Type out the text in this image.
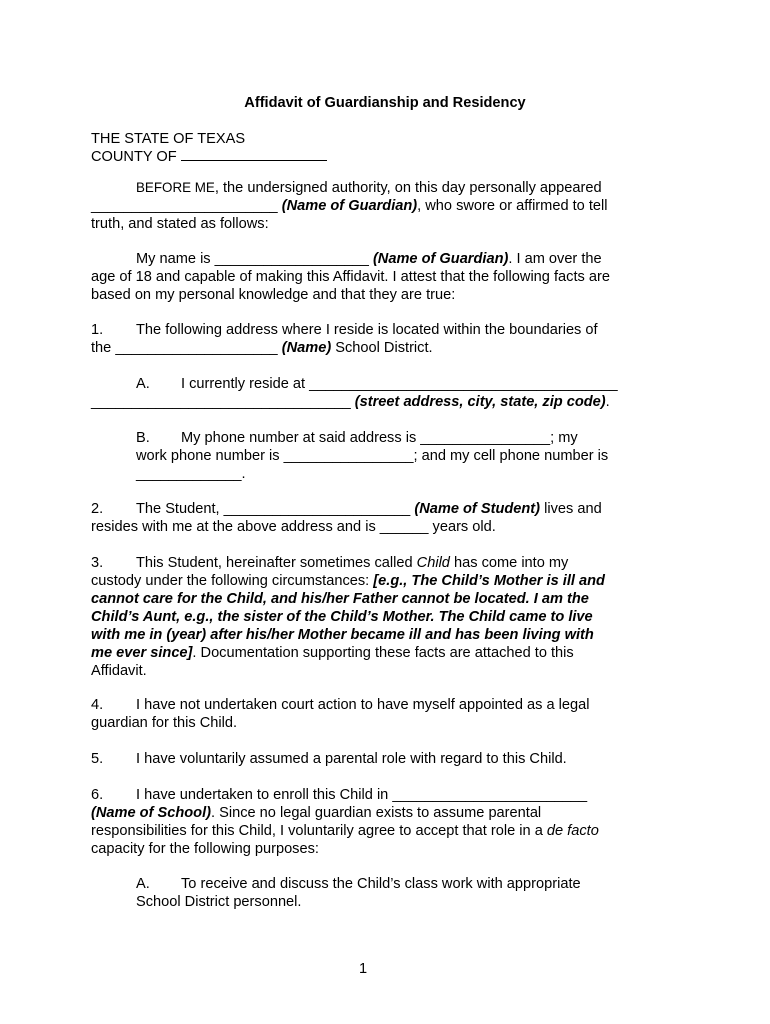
Affidavit of Guardianship and Residency
THE STATE OF TEXAS
COUNTY OF
BEFORE ME, the undersigned authority, on this day personally appeared
_______________________ (Name of Guardian), who swore or affirmed to tell
truth, and stated as follows:
My name is ___________________ (Name of Guardian). I am over the
age of 18 and capable of making this Affidavit. I attest that the following facts are
based on my personal knowledge and that they are true:
1. The following address where I reside is located within the boundaries of
the ____________________ (Name) School District.
A. I currently reside at ______________________________________
________________________________ (street address, city, state, zip code).
B. My phone number at said address is ________________; my
work phone number is ________________; and my cell phone number is
_____________.
2. The Student, _______________________ (Name of Student) lives and
resides with me at the above address and is ______ years old.
3. This Student, hereinafter sometimes called Child has come into my
custody under the following circumstances: [e.g., The Child’s Mother is ill and
cannot care for the Child, and his/her Father cannot be located. I am the
Child’s Aunt, e.g., the sister of the Child’s Mother. The Child came to live
with me in (year) after his/her Mother became ill and has been living with
me ever since]. Documentation supporting these facts are attached to this
Affidavit.
4. I have not undertaken court action to have myself appointed as a legal
guardian for this Child.
5. I have voluntarily assumed a parental role with regard to this Child.
6. I have undertaken to enroll this Child in ________________________
(Name of School). Since no legal guardian exists to assume parental
responsibilities for this Child, I voluntarily agree to accept that role in a de facto
capacity for the following purposes:
A. To receive and discuss the Child’s class work with appropriate
School District personnel.
1
